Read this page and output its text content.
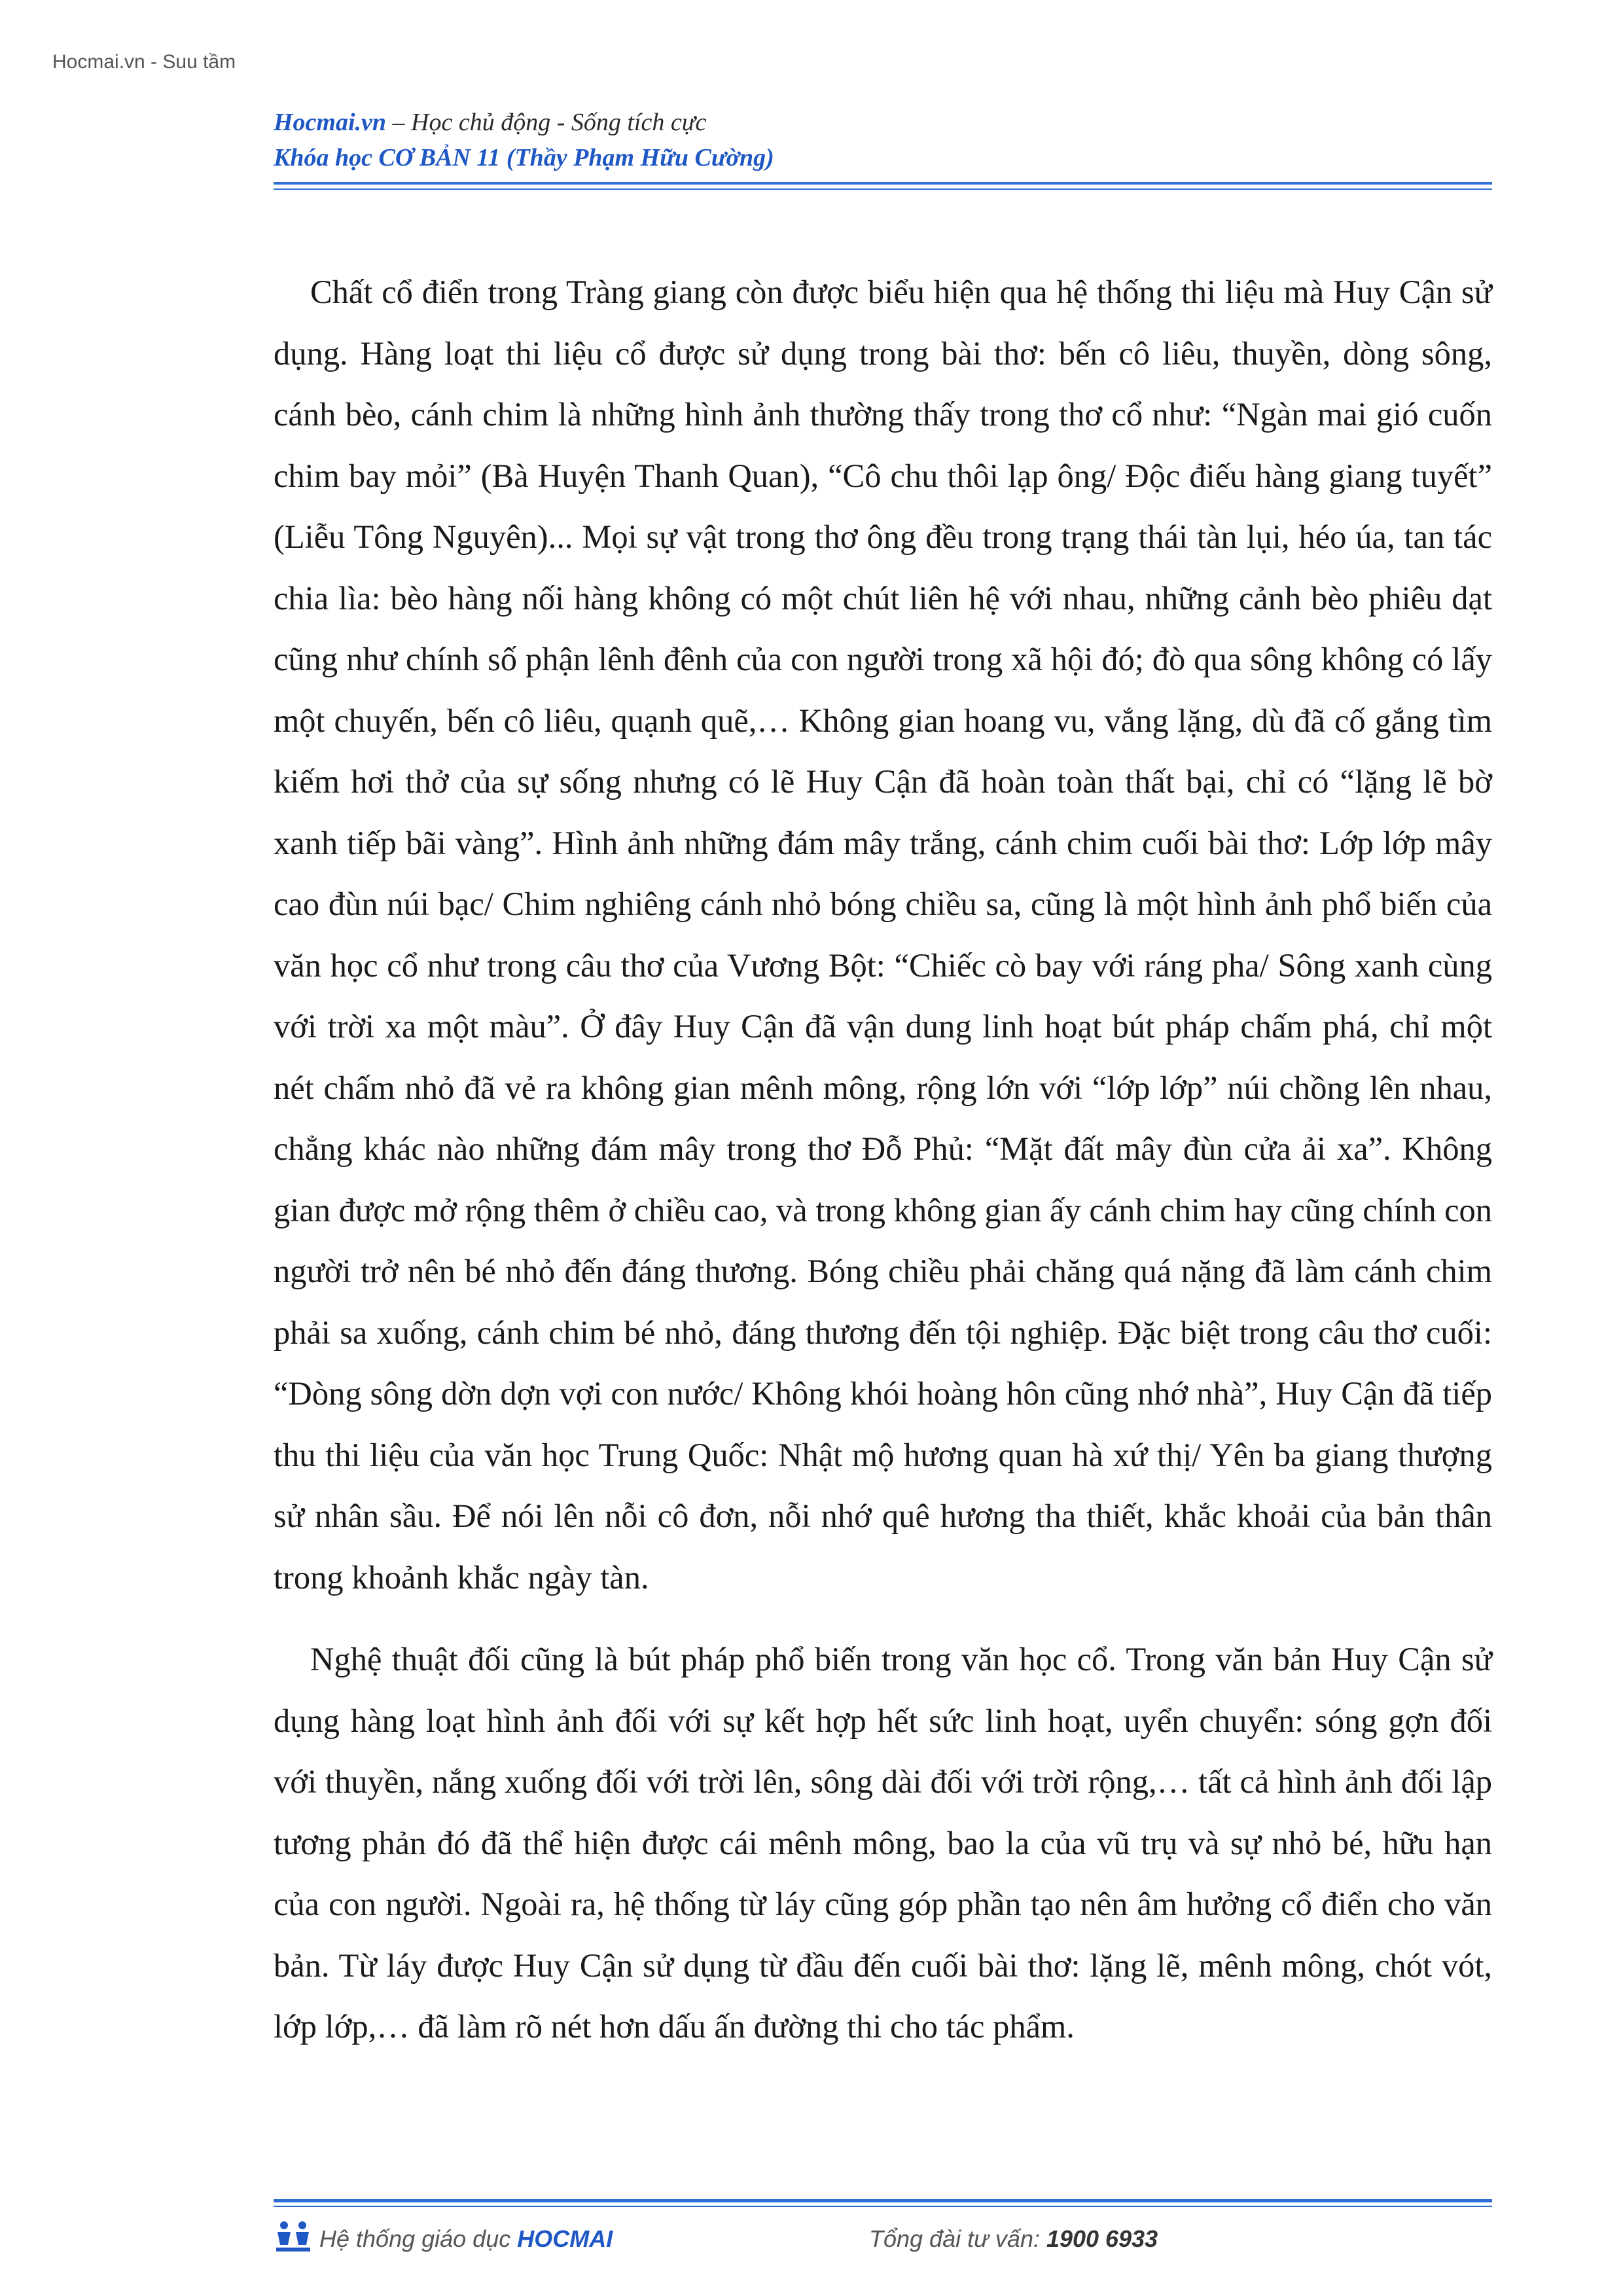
Hocmai.vn - Suu tầm
Hocmai.vn – Học chủ động - Sống tích cực
Khóa học CƠ BẢN 11 (Thầy Phạm Hữu Cường)

Chất cổ điển trong Tràng giang còn được biểu hiện qua hệ thống thi liệu mà Huy Cận sử dụng. Hàng loạt thi liệu cổ được sử dụng trong bài thơ: bến cô liêu, thuyền, dòng sông, cánh bèo, cánh chim là những hình ảnh thường thấy trong thơ cổ như: “Ngàn mai gió cuốn chim bay mỏi” (Bà Huyện Thanh Quan), “Cô chu thôi lạp ông/ Độc điếu hàng giang tuyết” (Liễu Tông Nguyên)... Mọi sự vật trong thơ ông đều trong trạng thái tàn lụi, héo úa, tan tác chia lìa: bèo hàng nối hàng không có một chút liên hệ với nhau, những cảnh bèo phiêu dạt cũng như chính số phận lênh đênh của con người trong xã hội đó; đò qua sông không có lấy một chuyến, bến cô liêu, quạnh quẽ,… Không gian hoang vu, vắng lặng, dù đã cố gắng tìm kiếm hơi thở của sự sống nhưng có lẽ Huy Cận đã hoàn toàn thất bại, chỉ có “lặng lẽ bờ xanh tiếp bãi vàng”. Hình ảnh những đám mây trắng, cánh chim cuối bài thơ: Lớp lớp mây cao đùn núi bạc/ Chim nghiêng cánh nhỏ bóng chiều sa, cũng là một hình ảnh phổ biến của văn học cổ như trong câu thơ của Vương Bột: “Chiếc cò bay với ráng pha/ Sông xanh cùng với trời xa một màu”. Ở đây Huy Cận đã vận dung linh hoạt bút pháp chấm phá, chỉ một nét chấm nhỏ đã vẻ ra không gian mênh mông, rộng lớn với “lớp lớp” núi chồng lên nhau, chẳng khác nào những đám mây trong thơ Đỗ Phủ: “Mặt đất mây đùn cửa ải xa”. Không gian được mở rộng thêm ở chiều cao, và trong không gian ấy cánh chim hay cũng chính con người trở nên bé nhỏ đến đáng thương. Bóng chiều phải chăng quá nặng đã làm cánh chim phải sa xuống, cánh chim bé nhỏ, đáng thương đến tội nghiệp. Đặc biệt trong câu thơ cuối: “Dòng sông dờn dợn vợi con nước/ Không khói hoàng hôn cũng nhớ nhà”, Huy Cận đã tiếp thu thi liệu của văn học Trung Quốc: Nhật mộ hương quan hà xứ thị/ Yên ba giang thượng sử nhân sầu. Để nói lên nỗi cô đơn, nỗi nhớ quê hương tha thiết, khắc khoải của bản thân trong khoảnh khắc ngày tàn.

Nghệ thuật đối cũng là bút pháp phổ biến trong văn học cổ. Trong văn bản Huy Cận sử dụng hàng loạt hình ảnh đối với sự kết hợp hết sức linh hoạt, uyển chuyển: sóng gợn đối với thuyền, nắng xuống đối với trời lên, sông dài đối với trời rộng,… tất cả hình ảnh đối lập tương phản đó đã thể hiện được cái mênh mông, bao la của vũ trụ và sự nhỏ bé, hữu hạn của con người. Ngoài ra, hệ thống từ láy cũng góp phần tạo nên âm hưởng cổ điển cho văn bản. Từ láy được Huy Cận sử dụng từ đầu đến cuối bài thơ: lặng lẽ, mênh mông, chót vót, lớp lớp,… đã làm rõ nét hơn dấu ấn đường thi cho tác phẩm.

Hệ thống giáo dục HOCMAI	Tổng đài tư vấn: 1900 6933
